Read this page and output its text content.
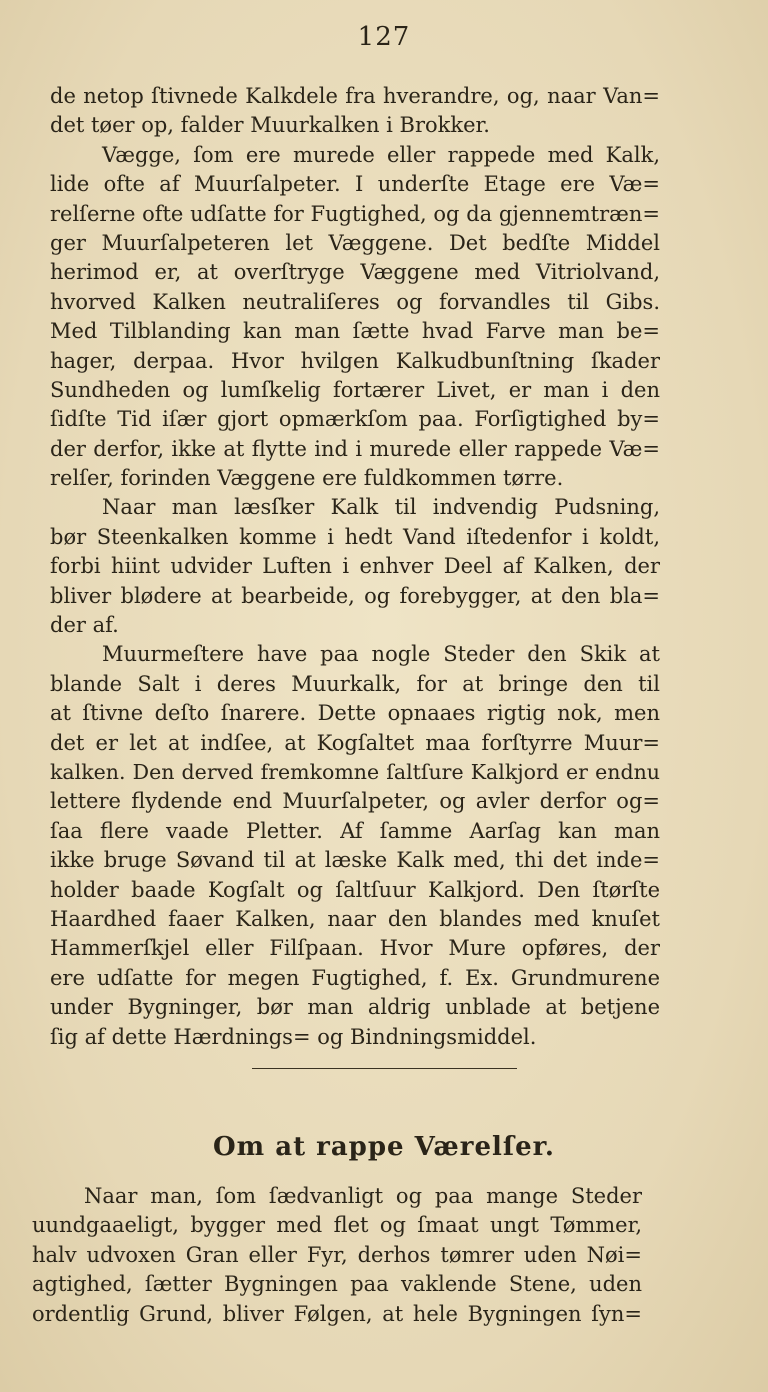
127
de netop ſtivnede Kalkdele fra hverandre, og, naar Van=
det tøer op, falder Muurkalken i Brokker.
Vægge, ſom ere murede eller rappede med Kalk,
lide ofte af Muurſalpeter. I underſte Etage ere Væ=
relſerne ofte udſatte for Fugtighed, og da gjennemtræn=
ger Muurſalpeteren let Væggene. Det bedſte Middel
herimod er, at overſtryge Væggene med Vitriolvand,
hvorved Kalken neutraliſeres og forvandles til Gibs.
Med Tilblanding kan man ſætte hvad Farve man be=
hager, derpaa. Hvor hvilgen Kalkudbunſtning ſkader
Sundheden og lumſkelig fortærer Livet, er man i den
ſidſte Tid iſær gjort opmærkſom paa. Forſigtighed by=
der derfor, ikke at flytte ind i murede eller rappede Væ=
relſer, forinden Væggene ere fuldkommen tørre.
Naar man læsſker Kalk til indvendig Pudsning,
bør Steenkalken komme i hedt Vand iſtedenfor i koldt,
forbi hiint udvider Luften i enhver Deel af Kalken, der
bliver blødere at bearbeide, og forebygger, at den bla=
der af.
Muurmeſtere have paa nogle Steder den Skik at
blande Salt i deres Muurkalk, for at bringe den til
at ſtivne deſto ſnarere. Dette opnaaes rigtig nok, men
det er let at indſee, at Kogſaltet maa forſtyrre Muur=
kalken. Den derved fremkomne ſaltſure Kalkjord er endnu
lettere flydende end Muurſalpeter, og avler derfor og=
ſaa flere vaade Pletter. Af ſamme Aarſag kan man
ikke bruge Søvand til at læske Kalk med, thi det inde=
holder baade Kogſalt og ſaltſuur Kalkjord. Den ſtørſte
Haardhed faaer Kalken, naar den blandes med knuſet
Hammerſkjel eller Filſpaan. Hvor Mure opføres, der
ere udſatte for megen Fugtighed, f. Ex. Grundmurene
under Bygninger, bør man aldrig unblade at betjene
ſig af dette Hærdnings= og Bindningsmiddel.
Om at rappe Værelſer.
Naar man, ſom ſædvanligt og paa mange Steder
uundgaaeligt, bygger med flet og ſmaat ungt Tømmer,
halv udvoxen Gran eller Fyr, derhos tømrer uden Nøi=
agtighed, ſætter Bygningen paa vaklende Stene, uden
ordentlig Grund, bliver Følgen, at hele Bygningen ſyn=
